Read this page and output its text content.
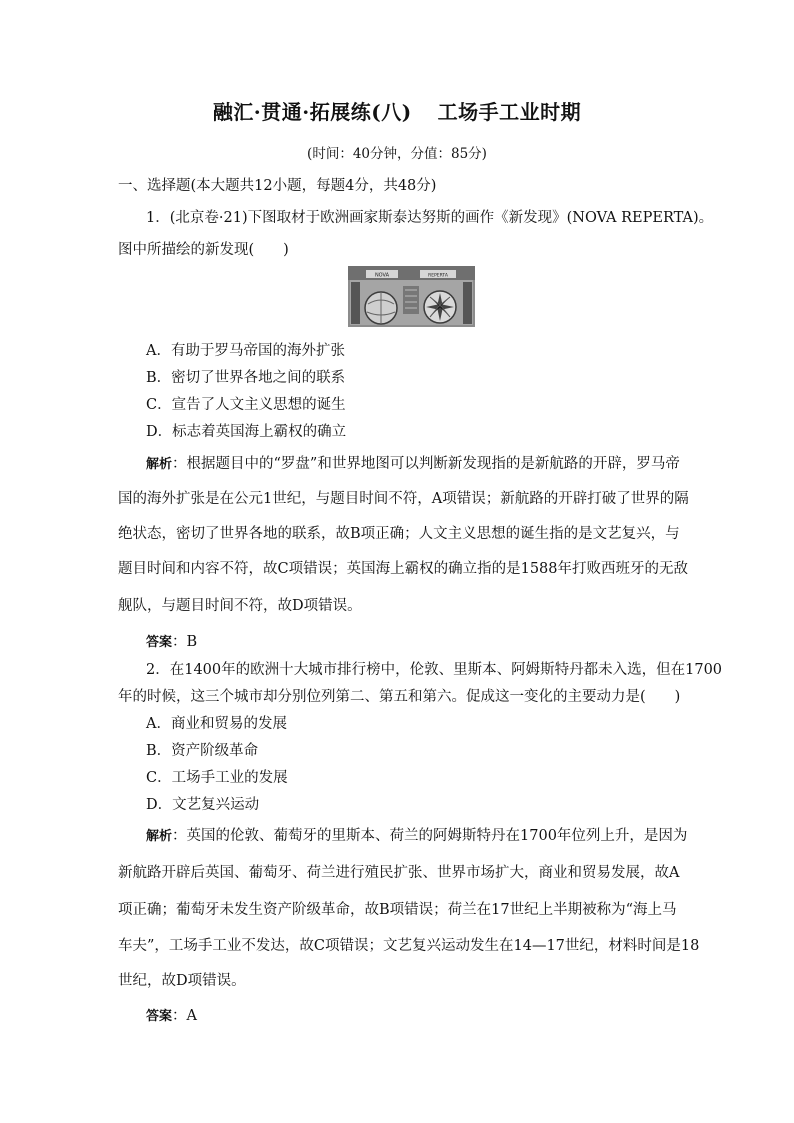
融汇·贯通·拓展练(八) 工场手工业时期
(时间：40分钟，分值：85分)
一、选择题(本大题共12小题，每题4分，共48分)
1．(北京卷·21)下图取材于欧洲画家斯泰达努斯的画作《新发现》(NOVA REPERTA)。
图中所描绘的新发现(　　)
NOVA	REPERTA
A．有助于罗马帝国的海外扩张
B．密切了世界各地之间的联系
C．宣告了人文主义思想的诞生
D．标志着英国海上霸权的确立
解析：根据题目中的“罗盘”和世界地图可以判断新发现指的是新航路的开辟，罗马帝
国的海外扩张是在公元1世纪，与题目时间不符，A项错误；新航路的开辟打破了世界的隔
绝状态，密切了世界各地的联系，故B项正确；人文主义思想的诞生指的是文艺复兴，与
题目时间和内容不符，故C项错误；英国海上霸权的确立指的是1588年打败西班牙的无敌
舰队，与题目时间不符，故D项错误。
答案：B
2．在1400年的欧洲十大城市排行榜中，伦敦、里斯本、阿姆斯特丹都未入选，但在1700
年的时候，这三个城市却分别位列第二、第五和第六。促成这一变化的主要动力是(　　)
A．商业和贸易的发展
B．资产阶级革命
C．工场手工业的发展
D．文艺复兴运动
解析：英国的伦敦、葡萄牙的里斯本、荷兰的阿姆斯特丹在1700年位列上升，是因为
新航路开辟后英国、葡萄牙、荷兰进行殖民扩张、世界市场扩大，商业和贸易发展，故A
项正确；葡萄牙未发生资产阶级革命，故B项错误；荷兰在17世纪上半期被称为“海上马
车夫”，工场手工业不发达，故C项错误；文艺复兴运动发生在14—17世纪，材料时间是18
世纪，故D项错误。
答案：A
